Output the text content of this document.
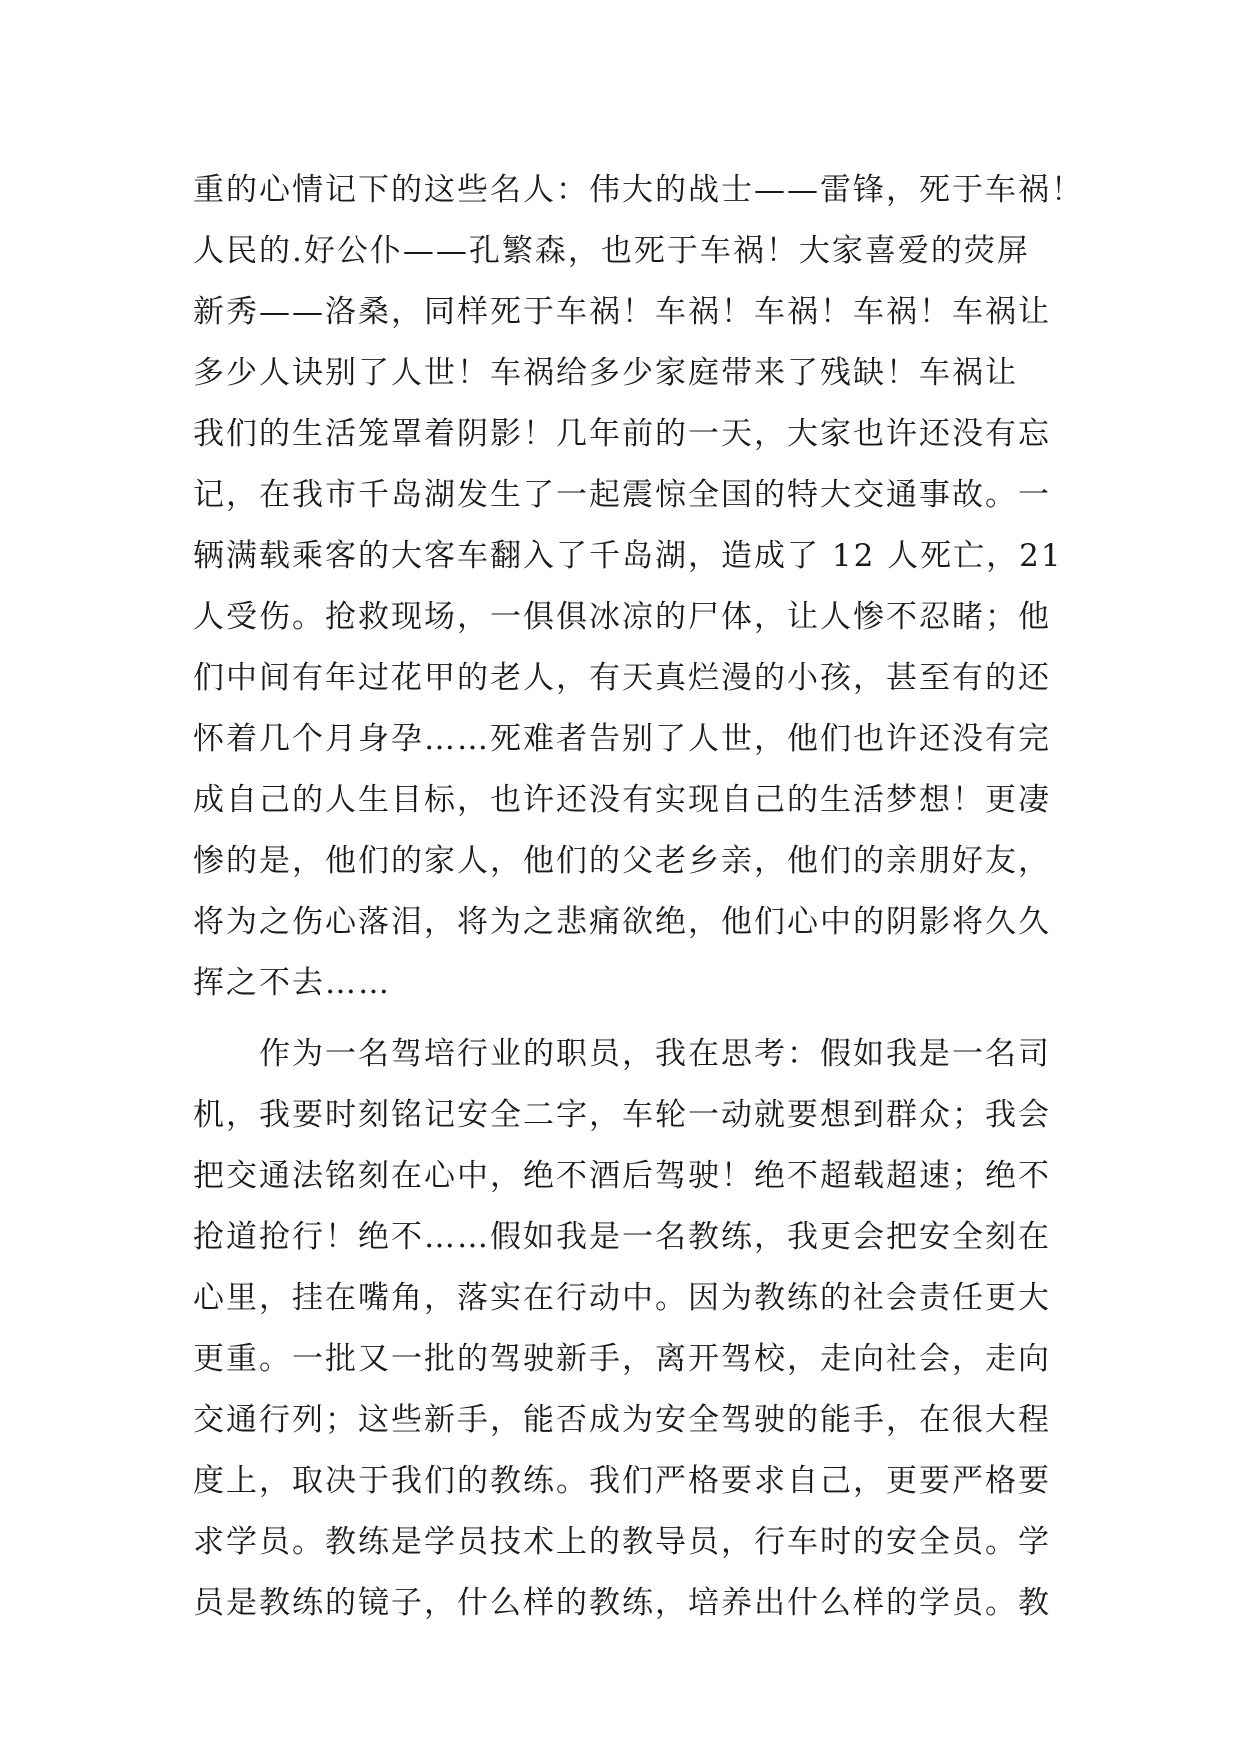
重的心情记下的这些名人：伟大的战士——雷锋，死于车祸！
人民的.好公仆——孔繁森，也死于车祸！大家喜爱的荧屏
新秀——洛桑，同样死于车祸！车祸！车祸！车祸！车祸让
多少人诀别了人世！车祸给多少家庭带来了残缺！车祸让
我们的生活笼罩着阴影！几年前的一天，大家也许还没有忘
记，在我市千岛湖发生了一起震惊全国的特大交通事故。一
辆满载乘客的大客车翻入了千岛湖，造成了 12 人死亡，21
人受伤。抢救现场，一俱俱冰凉的尸体，让人惨不忍睹；他
们中间有年过花甲的老人，有天真烂漫的小孩，甚至有的还
怀着几个月身孕……死难者告别了人世，他们也许还没有完
成自己的人生目标，也许还没有实现自己的生活梦想！更凄
惨的是，他们的家人，他们的父老乡亲，他们的亲朋好友，
将为之伤心落泪，将为之悲痛欲绝，他们心中的阴影将久久
挥之不去……
作为一名驾培行业的职员，我在思考：假如我是一名司
机，我要时刻铭记安全二字，车轮一动就要想到群众；我会
把交通法铭刻在心中，绝不酒后驾驶！绝不超载超速；绝不
抢道抢行！绝不……假如我是一名教练，我更会把安全刻在
心里，挂在嘴角，落实在行动中。因为教练的社会责任更大
更重。一批又一批的驾驶新手，离开驾校，走向社会，走向
交通行列；这些新手，能否成为安全驾驶的能手，在很大程
度上，取决于我们的教练。我们严格要求自己，更要严格要
求学员。教练是学员技术上的教导员，行车时的安全员。学
员是教练的镜子，什么样的教练，培养出什么样的学员。教
